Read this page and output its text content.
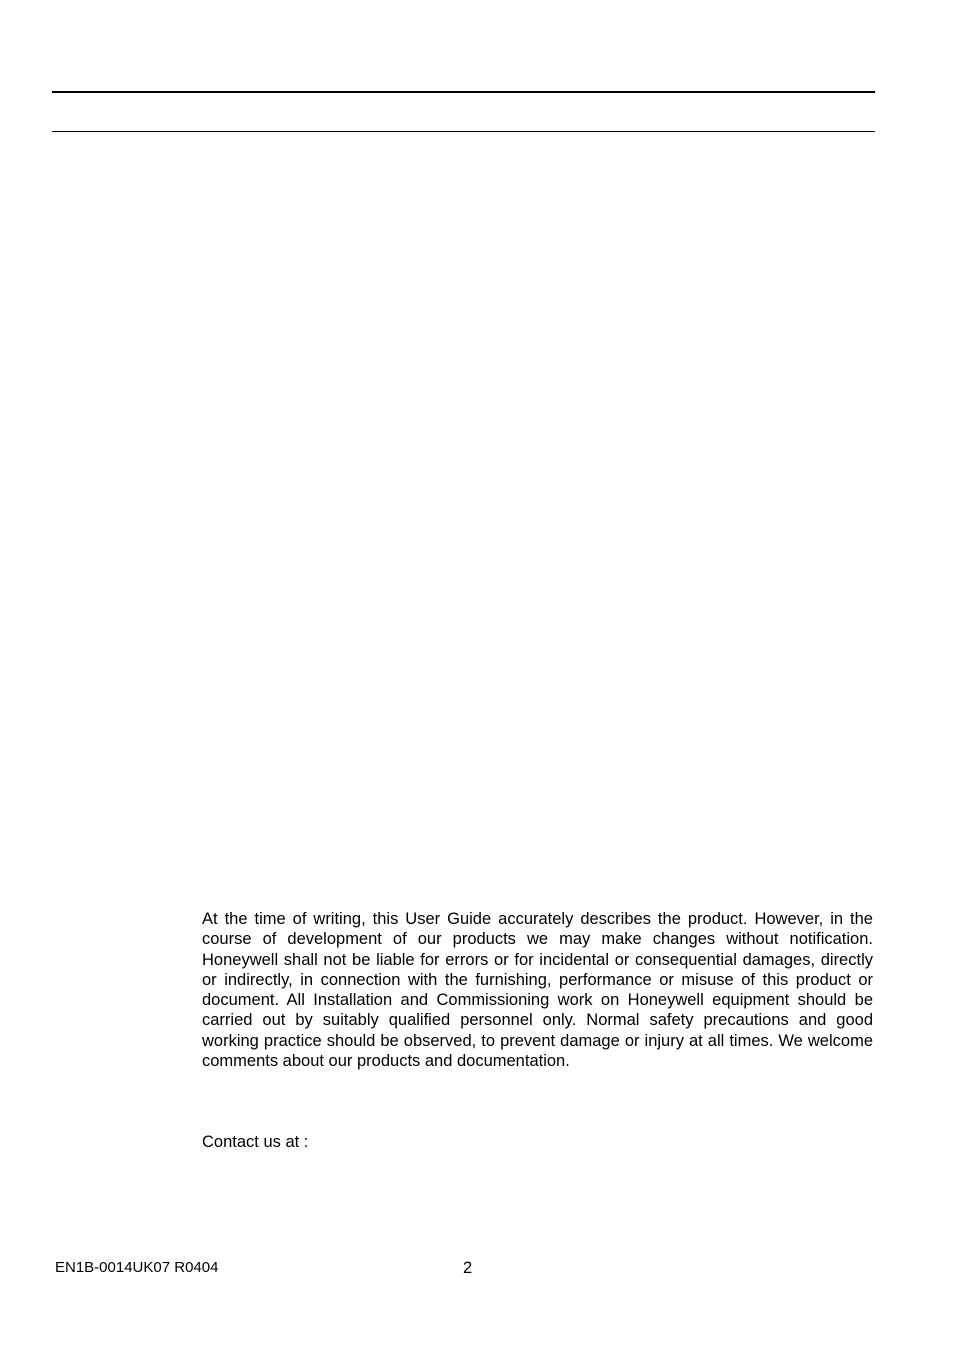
At the time of writing, this User Guide accurately describes the product. However, in the course of development of our products we may make changes without notification. Honeywell shall not be liable for errors or for incidental or consequential damages, directly or indirectly, in connection with the furnishing, performance or misuse of this product or document. All Installation and Commissioning work on Honeywell equipment should be carried out by suitably qualified personnel only. Normal safety precautions and good working practice should be observed, to prevent damage or injury at all times. We welcome comments about our products and documentation.

Contact us at :

EN1B-0014UK07 R0404	2
